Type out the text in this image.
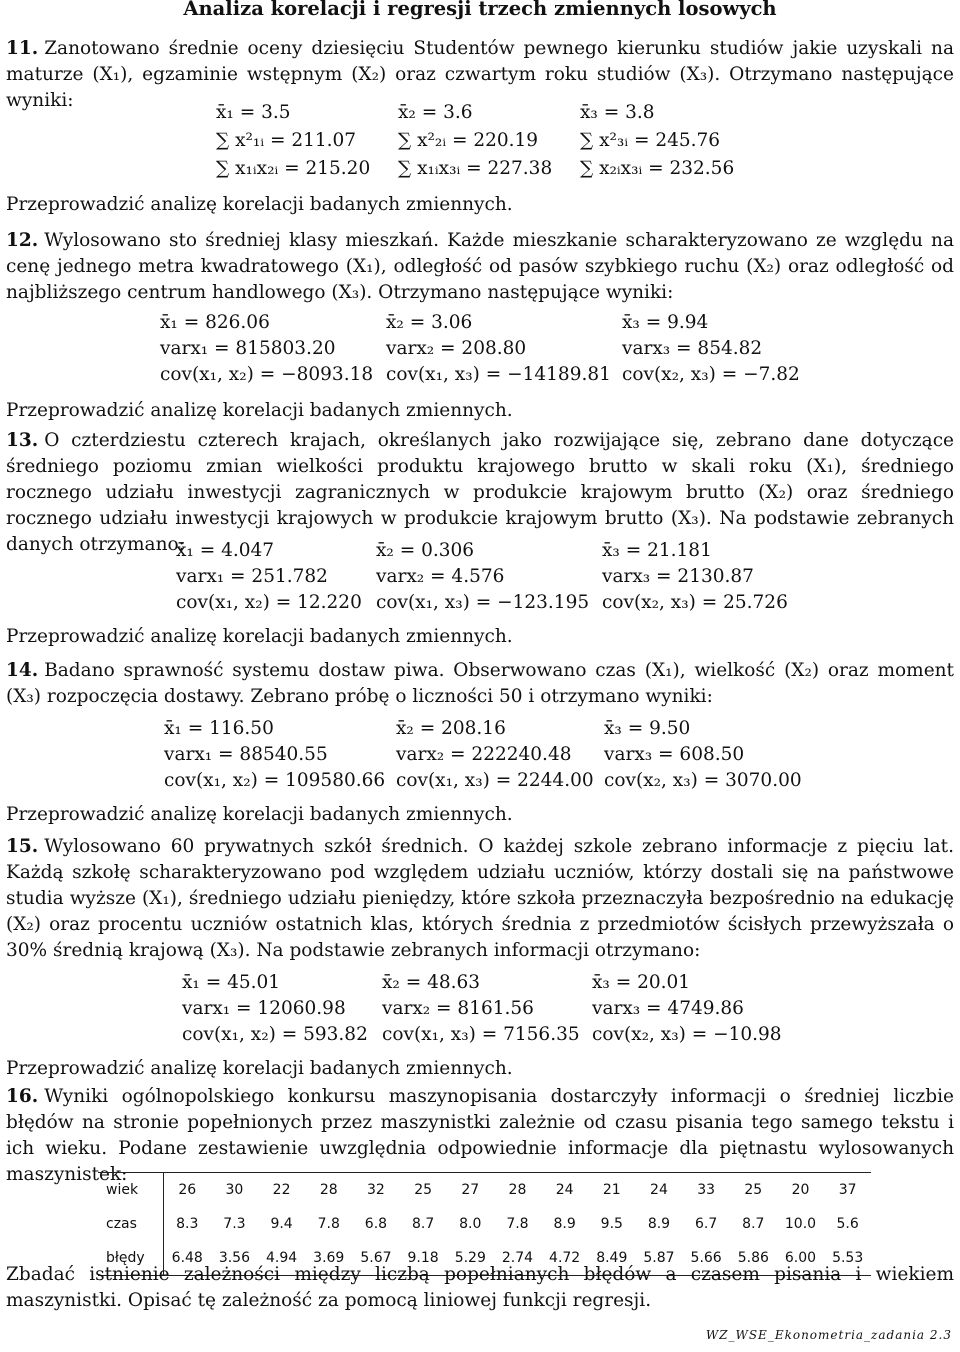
Analiza korelacji i regresji trzech zmiennych losowych

11. Zanotowano średnie oceny dziesięciu Studentów pewnego kierunku studiów jakie uzyskali na maturze (X₁), egzaminie wstępnym (X₂) oraz czwartym roku studiów (X₃). Otrzymano następujące wyniki:

x̄₁ = 3.5	x̄₂ = 3.6	x̄₃ = 3.8
∑ x²₁ᵢ = 211.07 ∑ x²₂ᵢ = 220.19 ∑ x²₃ᵢ = 245.76
∑ x₁ᵢx₂ᵢ = 215.20 ∑ x₁ᵢx₃ᵢ = 227.38 ∑ x₂ᵢx₃ᵢ = 232.56
Przeprowadzić analizę korelacji badanych zmiennych.

12. Wylosowano sto średniej klasy mieszkań. Każde mieszkanie scharakteryzowano ze względu na cenę jednego metra kwadratowego (X₁), odległość od pasów szybkiego ruchu (X₂) oraz odległość od najbliższego centrum handlowego (X₃). Otrzymano następujące wyniki:

x̄₁ = 826.06	x̄₂ = 3.06	x̄₃ = 9.94
varx₁ = 815803.20	varx₂ = 208.80	varx₃ = 854.82
cov(x₁, x₂) = −8093.18 cov(x₁, x₃) = −14189.81 cov(x₂, x₃) = −7.82
Przeprowadzić analizę korelacji badanych zmiennych.

13. O czterdziestu czterech krajach, określanych jako rozwijające się, zebrano dane dotyczące średniego poziomu zmian wielkości produktu krajowego brutto w skali roku (X₁), średniego rocznego udziału inwestycji zagranicznych w produkcie krajowym brutto (X₂) oraz średniego rocznego udziału inwestycji krajowych w produkcie krajowym brutto (X₃). Na podstawie zebranych danych otrzymano:

x̄₁ = 4.047	x̄₂ = 0.306	x̄₃ = 21.181
varx₁ = 251.782	varx₂ = 4.576	varx₃ = 2130.87
cov(x₁, x₂) = 12.220 cov(x₁, x₃) = −123.195 cov(x₂, x₃) = 25.726
Przeprowadzić analizę korelacji badanych zmiennych.

14. Badano sprawność systemu dostaw piwa. Obserwowano czas (X₁), wielkość (X₂) oraz moment (X₃) rozpoczęcia dostawy. Zebrano próbę o liczności 50 i otrzymano wyniki:

x̄₁ = 116.50	x̄₂ = 208.16	x̄₃ = 9.50
varx₁ = 88540.55	varx₂ = 222240.48 varx₃ = 608.50
cov(x₁, x₂) = 109580.66 cov(x₁, x₃) = 2244.00 cov(x₂, x₃) = 3070.00
Przeprowadzić analizę korelacji badanych zmiennych.

15. Wylosowano 60 prywatnych szkół średnich. O każdej szkole zebrano informacje z pięciu lat. Każdą szkołę scharakteryzowano pod względem udziału uczniów, którzy dostali się na państwowe studia wyższe (X₁), średniego udziału pieniędzy, które szkoła przeznaczyła bezpośrednio na edukację (X₂) oraz procentu uczniów ostatnich klas, których średnia z przedmiotów ścisłych przewyższała o 30% średnią krajową (X₃). Na podstawie zebranych informacji otrzymano:

x̄₁ = 45.01	x̄₂ = 48.63	x̄₃ = 20.01
varx₁ = 12060.98 varx₂ = 8161.56	varx₃ = 4749.86
cov(x₁, x₂) = 593.82 cov(x₁, x₃) = 7156.35 cov(x₂, x₃) = −10.98
Przeprowadzić analizę korelacji badanych zmiennych.

16. Wyniki ogólnopolskiego konkursu maszynopisania dostarczyły informacji o średniej liczbie błędów na stronie popełnionych przez maszynistki zależnie od czasu pisania tego samego tekstu i ich wieku. Podane zestawienie uwzględnia odpowiednie informacje dla piętnastu wylosowanych maszynistek:

wiek	26	30	22	28	32	25	27	28	24	21	24	33	25	20	37
czas	8.3	7.3	9.4	7.8	6.8	8.7	8.0	7.8	8.9	9.5	8.9	6.7	8.7	10.0	5.6
błędy	6.48	3.56	4.94	3.69	5.67	9.18	5.29	2.74	4.72	8.49	5.87	5.66	5.86	6.00	5.53

Zbadać istnienie zależności między liczbą popełnianych błędów a czasem pisania i wiekiem maszynistki. Opisać tę zależność za pomocą liniowej funkcji regresji.

WZ_WSE_Ekonometria_zadania 2.3
